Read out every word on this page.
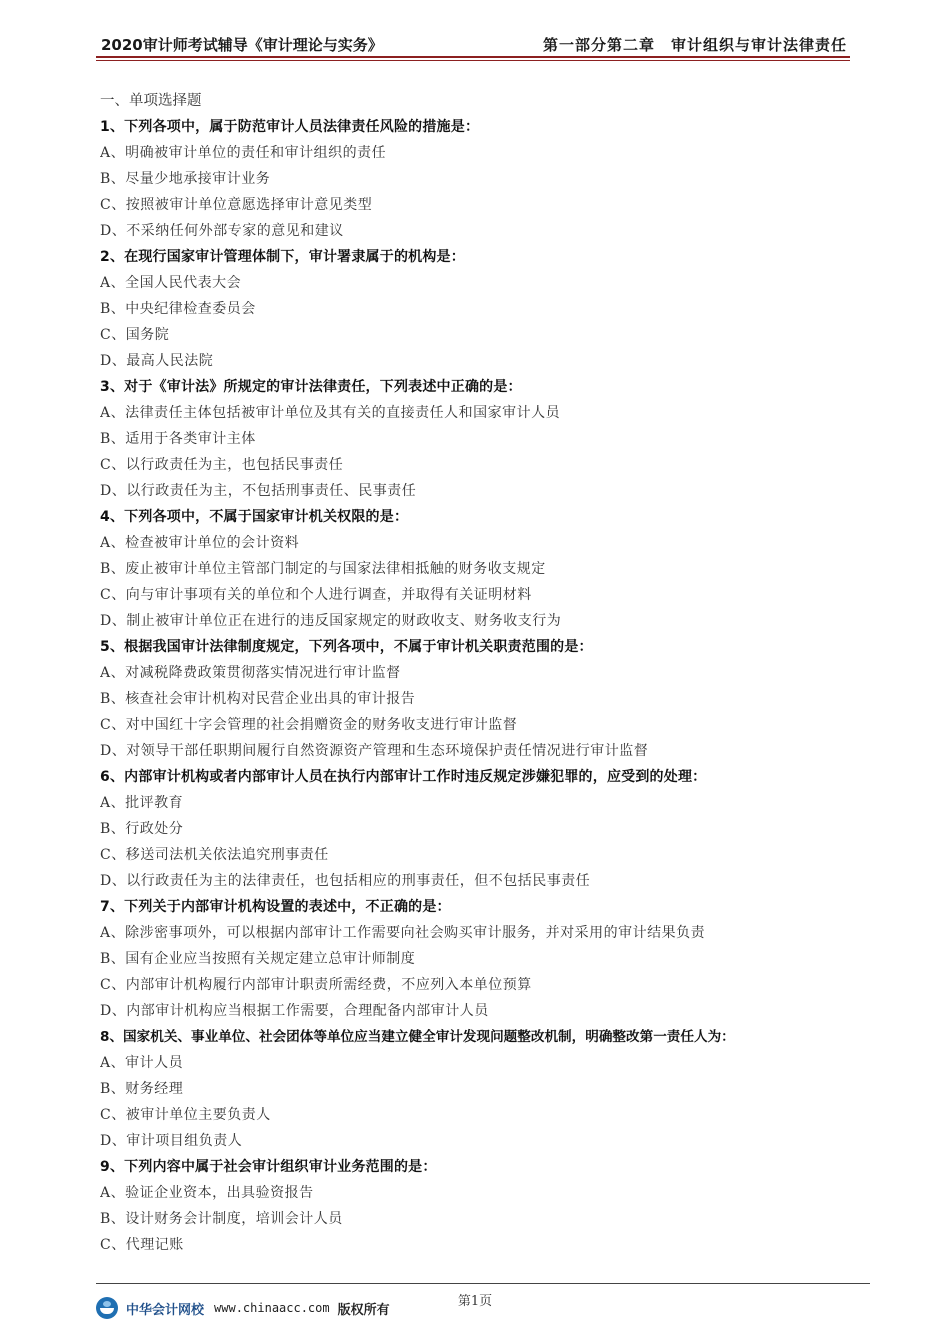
2020审计师考试辅导《审计理论与实务》	第一部分第二章　审计组织与审计法律责任
一、单项选择题
1、下列各项中，属于防范审计人员法律责任风险的措施是：
A、明确被审计单位的责任和审计组织的责任
B、尽量少地承接审计业务
C、按照被审计单位意愿选择审计意见类型
D、不采纳任何外部专家的意见和建议
2、在现行国家审计管理体制下，审计署隶属于的机构是：
A、全国人民代表大会
B、中央纪律检查委员会
C、国务院
D、最高人民法院
3、对于《审计法》所规定的审计法律责任，下列表述中正确的是：
A、法律责任主体包括被审计单位及其有关的直接责任人和国家审计人员
B、适用于各类审计主体
C、以行政责任为主，也包括民事责任
D、以行政责任为主，不包括刑事责任、民事责任
4、下列各项中，不属于国家审计机关权限的是：
A、检查被审计单位的会计资料
B、废止被审计单位主管部门制定的与国家法律相抵触的财务收支规定
C、向与审计事项有关的单位和个人进行调查，并取得有关证明材料
D、制止被审计单位正在进行的违反国家规定的财政收支、财务收支行为
5、根据我国审计法律制度规定，下列各项中，不属于审计机关职责范围的是：
A、对减税降费政策贯彻落实情况进行审计监督
B、核查社会审计机构对民营企业出具的审计报告
C、对中国红十字会管理的社会捐赠资金的财务收支进行审计监督
D、对领导干部任职期间履行自然资源资产管理和生态环境保护责任情况进行审计监督
6、内部审计机构或者内部审计人员在执行内部审计工作时违反规定涉嫌犯罪的，应受到的处理：
A、批评教育
B、行政处分
C、移送司法机关依法追究刑事责任
D、以行政责任为主的法律责任，也包括相应的刑事责任，但不包括民事责任
7、下列关于内部审计机构设置的表述中，不正确的是：
A、除涉密事项外，可以根据内部审计工作需要向社会购买审计服务，并对采用的审计结果负责
B、国有企业应当按照有关规定建立总审计师制度
C、内部审计机构履行内部审计职责所需经费，不应列入本单位预算
D、内部审计机构应当根据工作需要，合理配备内部审计人员
8、国家机关、事业单位、社会团体等单位应当建立健全审计发现问题整改机制，明确整改第一责任人为：
A、审计人员
B、财务经理
C、被审计单位主要负责人
D、审计项目组负责人
9、下列内容中属于社会审计组织审计业务范围的是：
A、验证企业资本，出具验资报告
B、设计财务会计制度，培训会计人员
C、代理记账
第1页
中华会计网校 www.chinaacc.com 版权所有
